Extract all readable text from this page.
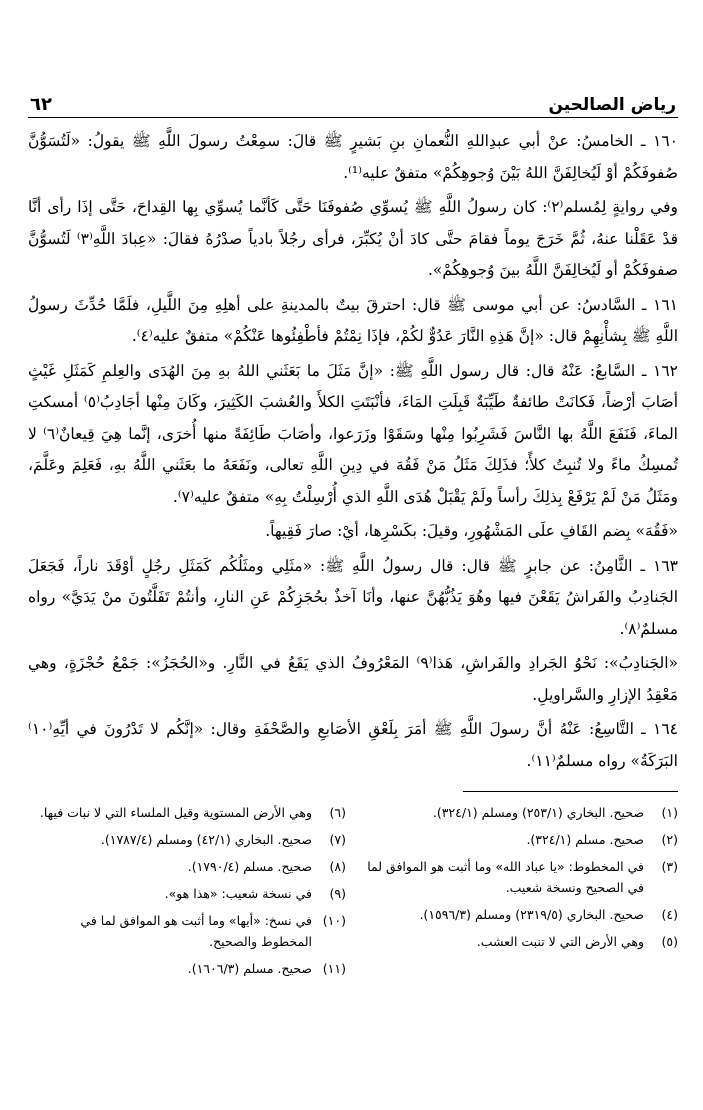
رياض الصالحين
٦٢

١٦٠ ـ الخامسُ: عنْ أبي عبدِاللهِ النُّعمانِ بنِ بَشيرٍ ﷺ قالَ: سمِعْتُ رسولَ اللَّهِ ﷺ يقولُ: «لَتُسَوُّنَّ صُفوفَكُمْ أوْ لَيُخالِفَنَّ اللهُ بَيْنَ وُجوهِكُمْ» متفقٌ عليه⁽¹⁾.

وفي روايةٍ لِمُسلم⁽٢⁾: كان رسولُ اللَّهِ ﷺ يُسوِّي صُفوفَنَا حَتَّى كَأنَّما يُسوِّي بِها القِداحَ، حَتَّى إذَا رأى أنَّا قدْ عَقَلْنا عنهُ، ثُمَّ خَرَجَ يوماً فقامَ حتَّى كادَ أنْ يُكبِّرَ، فرأى رجُلاً بادياً صدْرُهُ فقالَ: «عِبادَ اللَّهِ⁽٣⁾ لَتُسوُّنَّ صفوفَكُمْ أو لَيُخالِفَنَّ اللَّهُ بينَ وُجوهِكُمْ».

١٦١ ـ السَّادسُ: عن أبي موسى ﷺ قال: احترقَ بيتٌ بالمدينةِ على أهلِهِ مِنَ اللَّيلِ، فلَمَّا حُدِّثَ رسولُ اللَّهِ ﷺ بِشأْنِهِمْ قال: «إنَّ هَذِهِ النَّارَ عَدُوٌّ لكُمْ، فإذَا نِمْتُمْ فأطْفِئُوها عَنْكُمْ» متفقٌ عليه⁽٤⁾.

١٦٢ ـ السَّابعُ: عَنْهُ قال: قال رسول اللَّهِ ﷺ: «إنَّ مَثَلَ ما بَعَثَني اللهُ بهِ مِنَ الهُدَى والعِلمِ كَمَثَلِ غَيْثٍ أصَابَ أرْضاً، فَكانَتْ طائفةٌ طَيِّبَةٌ قَبِلَتِ المَاءَ، فأنْبَتَتِ الكلأَ والعُشبَ الكَثِيرَ، وكَانَ مِنْها أجَادِبُ⁽٥⁾ أمسكتِ الماءَ، فَنَفَعَ اللَّهُ بها النَّاسَ فَشَرِبُوا مِنْها وسَقَوْا وزَرَعوا، وأصَابَ طَائِفَةً منها أُخرَى، إنَّما هِيَ قِيعانٌ⁽٦⁾ لا تُمسِكُ ماءً ولا تُنبِتُ كلأً؛ فذَلِكَ مَثَلُ مَنْ فَقُهَ في دِينِ اللَّهِ تعالى، ونَفَعَهُ ما بعَثَني اللَّهُ بهِ، فَعَلِمَ وعَلَّمَ، ومَثَلُ مَنْ لَمْ يَرْفَعْ بِذلِكَ رأساً ولَمْ يَقْبَلْ هُدَى اللَّهِ الذي أُرْسِلْتُ بِهِ» متفقٌ عليه⁽٧⁾.

«فَقُهَ» بِضم القَافِ علَى المَشْهُورِ، وقيلَ: بكَسْرِها، أيْ: صارَ فَقِيهاً.

١٦٣ ـ الثَّامِنُ: عن جابرٍ ﷺ قال: قال رسولُ اللَّهِ ﷺ: «مثَلِي ومثَلُكُم كَمَثَلِ رجُلٍ أوْقَدَ ناراً، فَجَعَلَ الجَنادِبُ والفَراشُ يَقَعْنَ فيها وهُوَ يَذُبُّهُنَّ عنها، وأنَا آخذٌ بحُجَزِكُمْ عَنِ النارِ، وأنتُمْ تَفَلَّتُونَ منْ يَدَيَّ» رواه مسلمٌ⁽٨⁾.

«الجَنادِبُ»: نَحْوُ الجَرادِ والفَراشِ، هَذا⁽٩⁾ المَعْرُوفُ الذي يَقَعُ في النَّارِ. و«الحُجَزُ»: جَمْعُ حُجْزَةٍ، وهي مَعْقِدُ الإزارِ والسَّراويلِ.

١٦٤ ـ التَّاسِعُ: عَنْهُ أنَّ رسولَ اللَّهِ ﷺ أمَرَ بِلَعْقِ الأصَابعِ والصَّحْفَةِ وقال: «إنَّكُم لا تَدْرُونَ في أيِّهِ⁽١٠⁾ البَرَكَةُ» رواه مسلمٌ⁽١١⁾.

(١)
صحيح. البخاري (٢٥٣/١) ومسلم (٣٢٤/١).
(٢)
صحيح. مسلم (٣٢٤/١).
(٣)
في المخطوط: «يا عباد الله» وما أثبت هو الموافق لما في الصحيح ونسخة شعيب.
(٤)
صحيح. البخاري (٢٣١٩/٥) ومسلم (١٥٩٦/٣).
(٥)
وهي الأرض التي لا تنبت العشب.
(٦)
وهي الأرض المستوية وقيل الملساء التي لا نبات فيها.
(٧)
صحيح. البخاري (٤٢/١) ومسلم (١٧٨٧/٤).
(٨)
صحيح. مسلم (١٧٩٠/٤).
(٩)
في نسخة شعيب: «هذا هو».
(١٠)
في نسخ: «أيها» وما أثبت هو الموافق لما في المخطوط والصحيح.
(١١)
صحيح. مسلم (١٦٠٦/٣).
